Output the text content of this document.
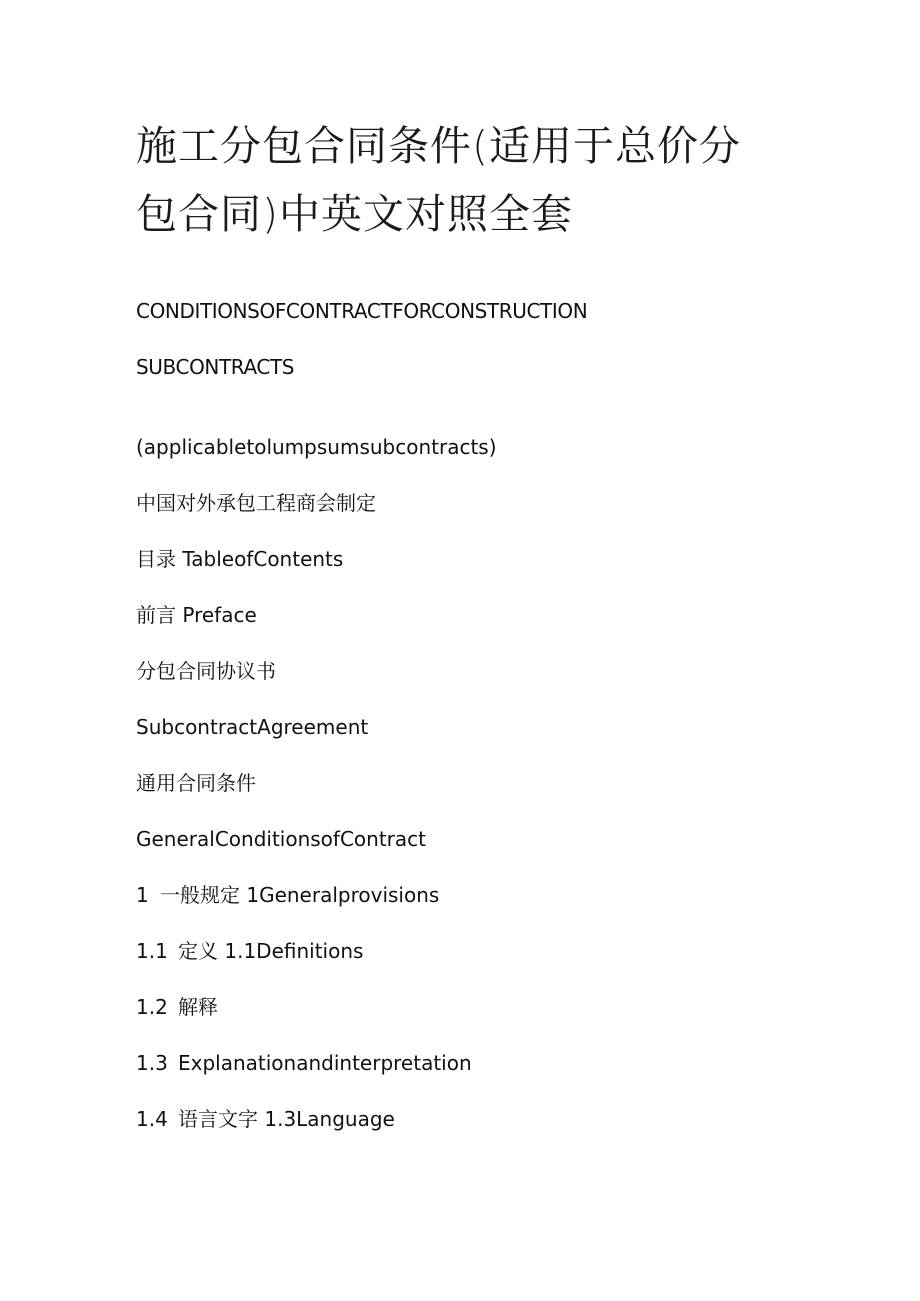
施工分包合同条件(适用于总价分
包合同)中英文对照全套

CONDITIONSOFCONTRACTFORCONSTRUCTION

SUBCONTRACTS

(applicabletolumpsumsubcontracts)

中国对外承包工程商会制定

目录 TableofContents

前言 Preface

分包合同协议书

SubcontractAgreement

通用合同条件

GeneralConditionsofContract

1 一般规定 1Generalprovisions

1.1 定义 1.1Definitions

1.2 解释

1.3 Explanationandinterpretation

1.4 语言文字 1.3Language
